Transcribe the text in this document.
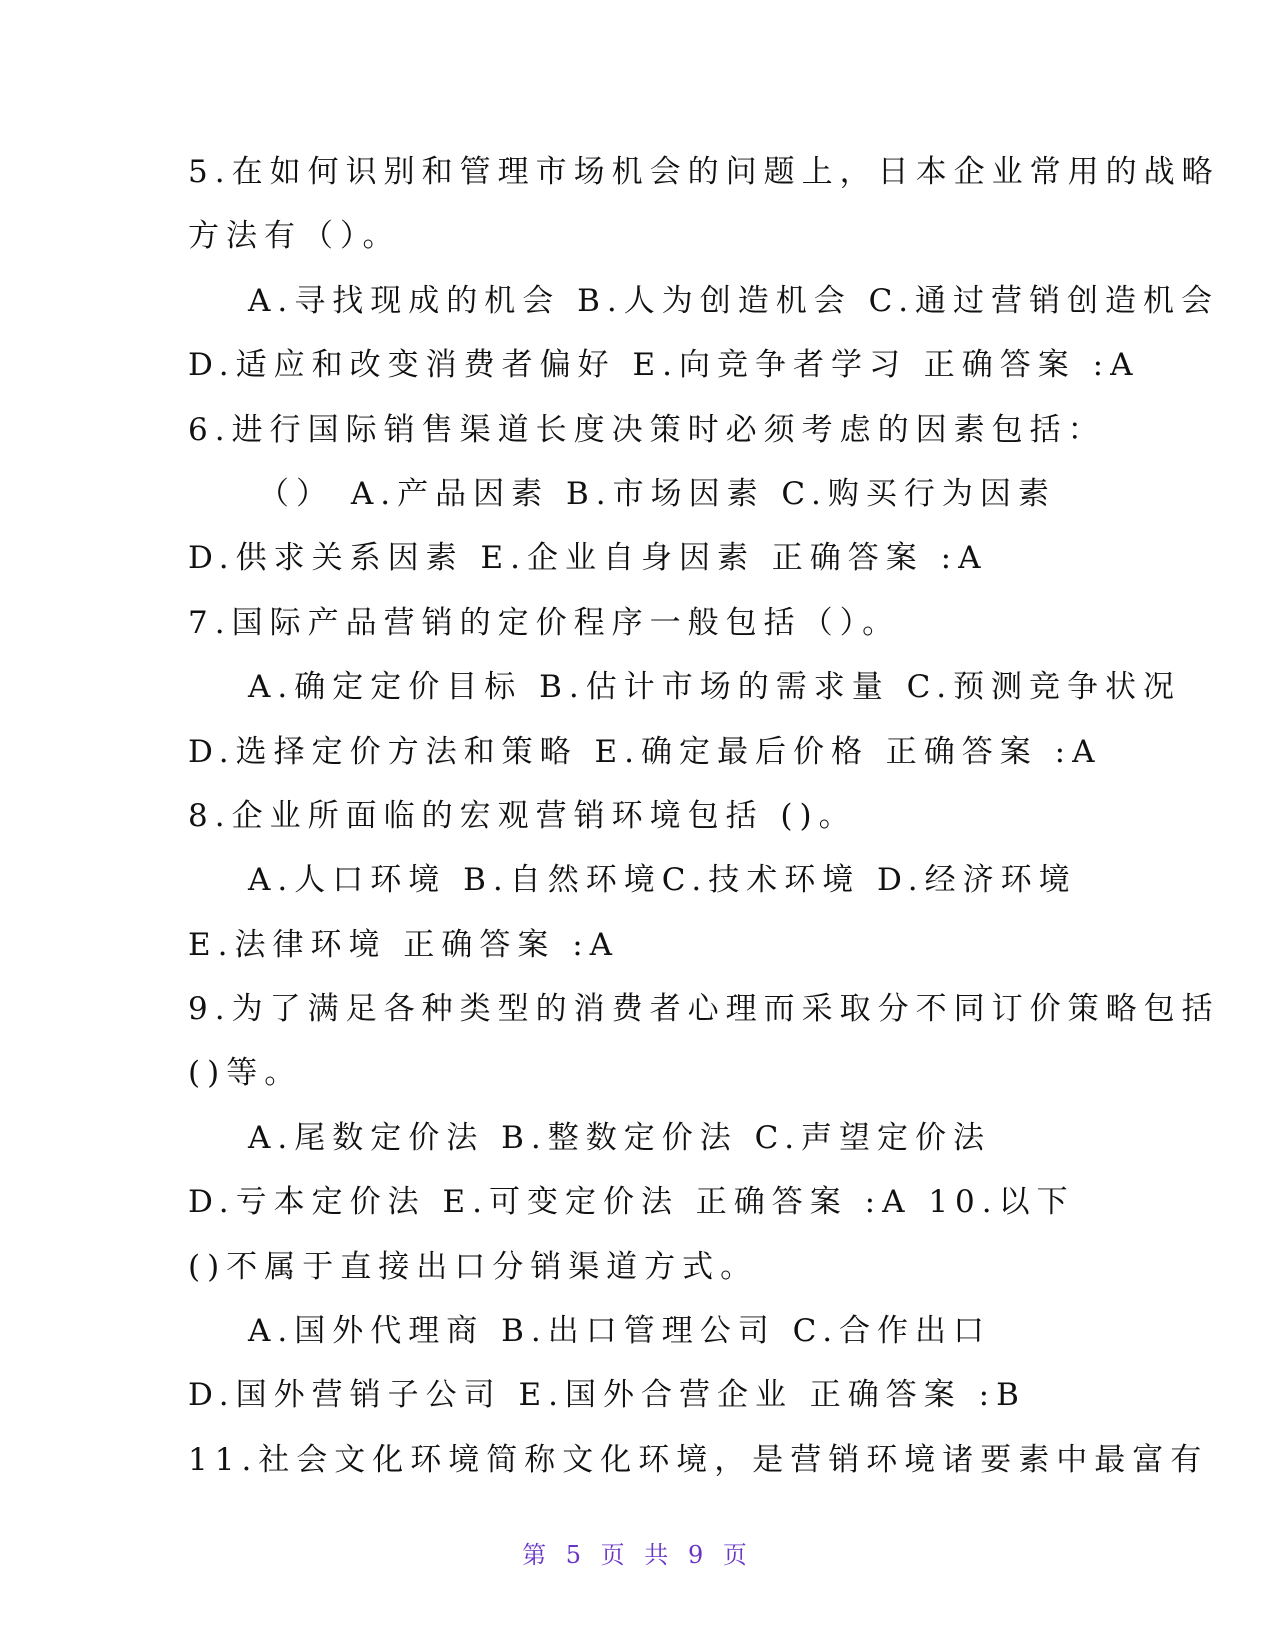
5.在如何识别和管理市场机会的问题上，日本企业常用的战略
方法有（）。
A.寻找现成的机会 B.人为创造机会 C.通过营销创造机会
D.适应和改变消费者偏好 E.向竞争者学习 正确答案 :A
6.进行国际销售渠道长度决策时必须考虑的因素包括：
（） A.产品因素 B.市场因素 C.购买行为因素
D.供求关系因素 E.企业自身因素 正确答案 :A
7.国际产品营销的定价程序一般包括（）。
A.确定定价目标 B.估计市场的需求量 C.预测竞争状况
D.选择定价方法和策略 E.确定最后价格 正确答案 :A
8.企业所面临的宏观营销环境包括 ()。
A.人口环境 B.自然环境C.技术环境 D.经济环境
E.法律环境 正确答案 :A
9.为了满足各种类型的消费者心理而采取分不同订价策略包括
()等。
A.尾数定价法 B.整数定价法 C.声望定价法
D.亏本定价法 E.可变定价法 正确答案 :A 10.以下
()不属于直接出口分销渠道方式。
A.国外代理商 B.出口管理公司 C.合作出口
D.国外营销子公司 E.国外合营企业 正确答案 :B
11.社会文化环境简称文化环境，是营销环境诸要素中最富有
第 5 页 共 9 页
